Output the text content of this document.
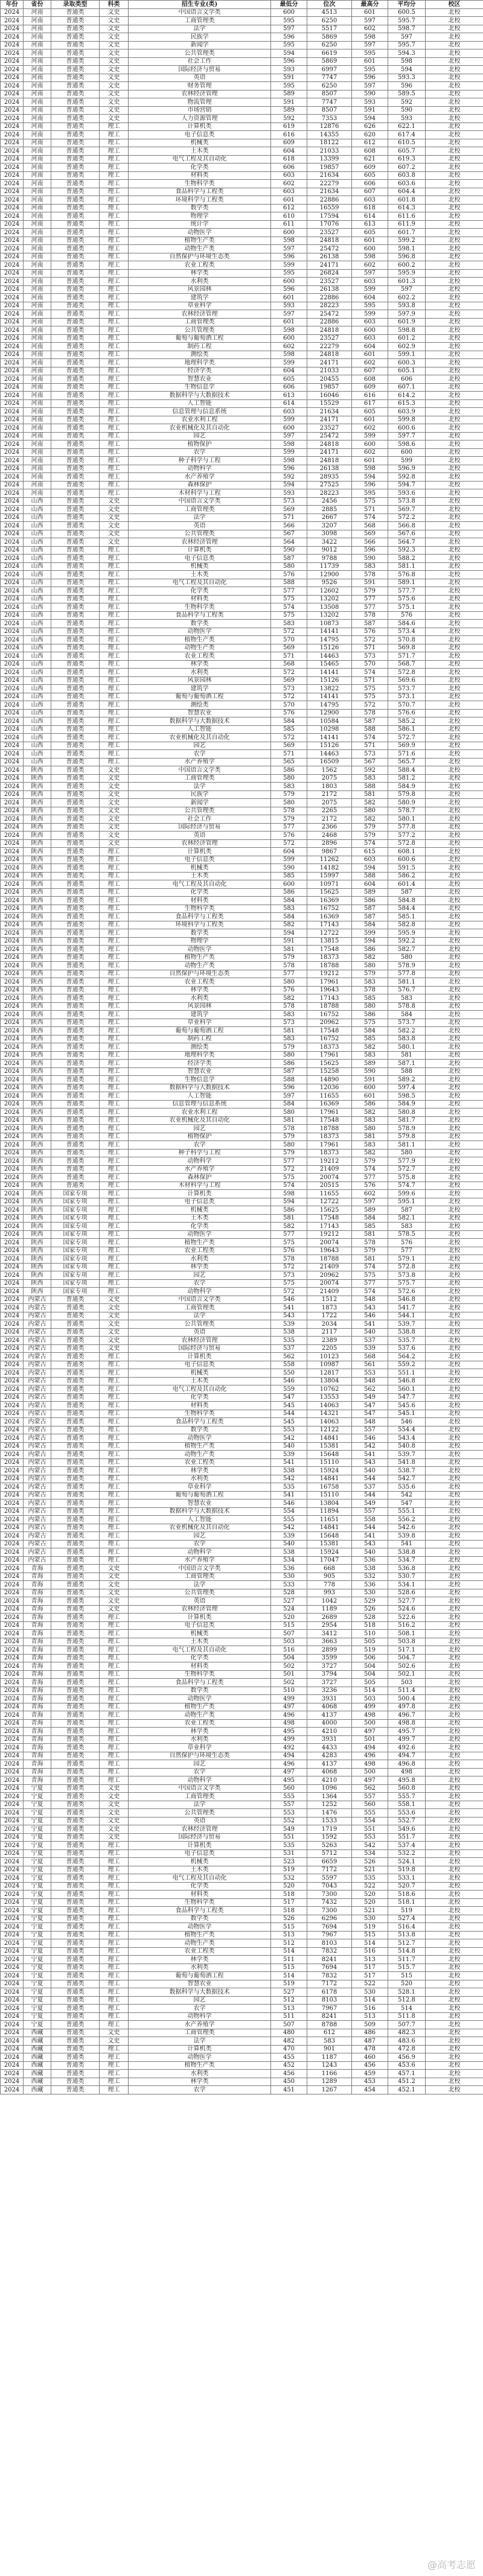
年份	省份	录取类型	科类	招生专业(类)	最低分	位次	最高分	平均分	校区
2024	河南	普通类	文史	中国语言文学类	600	4513	601	600.5	北校
2024	河南	普通类	文史	工商管理类	595	6250	597	595.7	北校
2024	河南	普通类	文史	法学	597	5517	602	598.7	北校
2024	河南	普通类	文史	民族学	596	5869	598	597	北校
2024	河南	普通类	文史	新闻学	595	6250	597	595.7	北校
2024	河南	普通类	文史	公共管理类	594	6619	595	594.3	北校
2024	河南	普通类	文史	社会工作	596	5869	601	598	北校
2024	河南	普通类	文史	国际经济与贸易	593	6997	595	594	北校
2024	河南	普通类	文史	英语	591	7747	596	593.3	北校
2024	河南	普通类	文史	财务管理	595	6250	597	596	北校
2024	河南	普通类	文史	农林经济管理	589	8507	590	589.5	北校
2024	河南	普通类	文史	物流管理	591	7747	593	592	北校
2024	河南	普通类	文史	市场营销	589	8507	591	590	北校
2024	河南	普通类	文史	人力资源管理	592	7353	594	593	北校
2024	河南	普通类	理工	计算机类	619	12876	626	622.1	北校
2024	河南	普通类	理工	电子信息类	616	14355	620	617.4	北校
2024	河南	普通类	理工	机械类	609	18122	612	610.5	北校
2024	河南	普通类	理工	土木类	604	21033	608	605.7	北校
2024	河南	普通类	理工	电气工程及其自动化	618	13399	621	619.3	北校
2024	河南	普通类	理工	化学类	606	19857	609	607.2	北校
2024	河南	普通类	理工	材料类	603	21634	605	603.8	北校
2024	河南	普通类	理工	生物科学类	602	22279	606	603.6	北校
2024	河南	普通类	理工	食品科学与工程类	603	21634	607	604.4	北校
2024	河南	普通类	理工	环境科学与工程类	601	22886	603	601.8	北校
2024	河南	普通类	理工	数学类	612	16559	618	614.3	北校
2024	河南	普通类	理工	物理学	610	17594	614	611.6	北校
2024	河南	普通类	理工	统计学	611	17076	613	611.9	北校
2024	河南	普通类	理工	动物医学	600	23527	605	601.7	北校
2024	河南	普通类	理工	植物生产类	598	24818	601	599.2	北校
2024	河南	普通类	理工	动物生产类	597	25472	600	598.1	北校
2024	河南	普通类	理工	自然保护与环境生态类	596	26138	598	596.8	北校
2024	河南	普通类	理工	农业工程类	599	24171	602	600.2	北校
2024	河南	普通类	理工	林学类	595	26824	597	595.9	北校
2024	河南	普通类	理工	水利类	600	23527	603	601.3	北校
2024	河南	普通类	理工	风景园林	596	26138	599	597	北校
2024	河南	普通类	理工	建筑学	601	22886	604	602.2	北校
2024	河南	普通类	理工	草业科学	593	28223	595	593.8	北校
2024	河南	普通类	理工	农林经济管理	597	25472	599	597.9	北校
2024	河南	普通类	理工	工商管理类	601	22886	603	601.9	北校
2024	河南	普通类	理工	公共管理类	598	24818	600	598.8	北校
2024	河南	普通类	理工	葡萄与葡萄酒工程	600	23527	603	601.2	北校
2024	河南	普通类	理工	制药工程	602	22279	604	602.9	北校
2024	河南	普通类	理工	测绘类	598	24818	601	599.1	北校
2024	河南	普通类	理工	地理科学类	599	24171	602	600.3	北校
2024	河南	普通类	理工	经济学类	604	21033	607	605.1	北校
2024	河南	普通类	理工	智慧农业	605	20455	608	606	北校
2024	河南	普通类	理工	生物信息学	606	19857	609	607.1	北校
2024	河南	普通类	理工	数据科学与大数据技术	613	16046	616	614.2	北校
2024	河南	普通类	理工	人工智能	614	15529	617	615.3	北校
2024	河南	普通类	理工	信息管理与信息系统	603	21634	605	603.9	北校
2024	河南	普通类	理工	农业水利工程	599	24171	601	599.8	北校
2024	河南	普通类	理工	农业机械化及其自动化	600	23527	602	600.6	北校
2024	河南	普通类	理工	园艺	597	25472	599	597.7	北校
2024	河南	普通类	理工	植物保护	598	24818	600	598.6	北校
2024	河南	普通类	理工	农学	599	24171	602	600	北校
2024	河南	普通类	理工	种子科学与工程	598	24818	601	599	北校
2024	河南	普通类	理工	动物科学	596	26138	598	596.9	北校
2024	河南	普通类	理工	水产养殖学	592	28935	594	592.8	北校
2024	河南	普通类	理工	森林保护	594	27525	596	594.7	北校
2024	河南	普通类	理工	木材科学与工程	593	28223	595	593.6	北校
2024	山西	普通类	文史	中国语言文学类	573	2456	575	573.8	北校
2024	山西	普通类	文史	工商管理类	569	2885	571	569.7	北校
2024	山西	普通类	文史	法学	571	2667	574	572.2	北校
2024	山西	普通类	文史	英语	566	3207	568	566.8	北校
2024	山西	普通类	文史	公共管理类	567	3098	569	567.6	北校
2024	山西	普通类	文史	农林经济管理	564	3422	566	564.7	北校
2024	山西	普通类	理工	计算机类	590	9012	596	592.3	北校
2024	山西	普通类	理工	电子信息类	587	9788	590	588.2	北校
2024	山西	普通类	理工	机械类	580	11739	583	581.1	北校
2024	山西	普通类	理工	土木类	576	12900	578	576.8	北校
2024	山西	普通类	理工	电气工程及其自动化	588	9526	591	589.1	北校
2024	山西	普通类	理工	化学类	577	12602	579	577.7	北校
2024	山西	普通类	理工	材料类	575	13202	577	575.6	北校
2024	山西	普通类	理工	生物科学类	574	13508	577	575.1	北校
2024	山西	普通类	理工	食品科学与工程类	575	13202	578	576	北校
2024	山西	普通类	理工	数学类	583	10873	587	584.6	北校
2024	山西	普通类	理工	动物医学	572	14141	576	573.4	北校
2024	山西	普通类	理工	植物生产类	570	14795	572	570.8	北校
2024	山西	普通类	理工	动物生产类	569	15126	571	569.8	北校
2024	山西	普通类	理工	农业工程类	571	14463	573	571.7	北校
2024	山西	普通类	理工	林学类	568	15465	570	568.7	北校
2024	山西	普通类	理工	水利类	572	14141	574	572.8	北校
2024	山西	普通类	理工	风景园林	569	15126	571	569.6	北校
2024	山西	普通类	理工	建筑学	573	13822	575	573.7	北校
2024	山西	普通类	理工	葡萄与葡萄酒工程	572	14141	575	573.1	北校
2024	山西	普通类	理工	测绘类	570	14795	572	570.7	北校
2024	山西	普通类	理工	智慧农业	576	12900	578	576.6	北校
2024	山西	普通类	理工	数据科学与大数据技术	584	10584	587	585.2	北校
2024	山西	普通类	理工	人工智能	585	10298	588	586.1	北校
2024	山西	普通类	理工	农业机械化及其自动化	572	14141	574	572.7	北校
2024	山西	普通类	理工	园艺	569	15126	571	569.9	北校
2024	山西	普通类	理工	农学	571	14463	573	571.6	北校
2024	山西	普通类	理工	水产养殖学	565	16509	567	565.7	北校
2024	陕西	普通类	文史	中国语言文学类	586	1562	592	588.4	北校
2024	陕西	普通类	文史	工商管理类	580	2075	583	581.2	北校
2024	陕西	普通类	文史	法学	583	1803	588	584.9	北校
2024	陕西	普通类	文史	民族学	579	2172	581	579.8	北校
2024	陕西	普通类	文史	新闻学	580	2075	582	580.9	北校
2024	陕西	普通类	文史	公共管理类	578	2265	580	578.7	北校
2024	陕西	普通类	文史	社会工作	579	2172	582	580.1	北校
2024	陕西	普通类	文史	国际经济与贸易	577	2366	579	577.8	北校
2024	陕西	普通类	文史	英语	576	2468	579	577.2	北校
2024	陕西	普通类	文史	农林经济管理	572	2896	574	572.8	北校
2024	陕西	普通类	理工	计算机类	604	9867	615	608.1	北校
2024	陕西	普通类	理工	电子信息类	599	11262	603	600.6	北校
2024	陕西	普通类	理工	机械类	590	14182	594	591.5	北校
2024	陕西	普通类	理工	土木类	585	15997	588	586.2	北校
2024	陕西	普通类	理工	电气工程及其自动化	600	10971	604	601.4	北校
2024	陕西	普通类	理工	化学类	586	15625	589	587	北校
2024	陕西	普通类	理工	材料类	584	16369	586	584.8	北校
2024	陕西	普通类	理工	生物科学类	583	16752	587	584.4	北校
2024	陕西	普通类	理工	食品科学与工程类	584	16369	587	585.1	北校
2024	陕西	普通类	理工	环境科学与工程类	582	17143	584	582.8	北校
2024	陕西	普通类	理工	数学类	594	12722	599	595.9	北校
2024	陕西	普通类	理工	物理学	591	13815	594	592.2	北校
2024	陕西	普通类	理工	动物医学	581	17548	586	582.7	北校
2024	陕西	普通类	理工	植物生产类	579	18373	582	580	北校
2024	陕西	普通类	理工	动物生产类	578	18788	580	578.9	北校
2024	陕西	普通类	理工	自然保护与环境生态类	577	19212	579	577.8	北校
2024	陕西	普通类	理工	农业工程类	580	17961	583	581.1	北校
2024	陕西	普通类	理工	林学类	576	19643	578	576.7	北校
2024	陕西	普通类	理工	水利类	582	17143	585	583	北校
2024	陕西	普通类	理工	风景园林	578	18788	580	578.8	北校
2024	陕西	普通类	理工	建筑学	583	16752	586	584	北校
2024	陕西	普通类	理工	草业科学	573	20962	575	573.7	北校
2024	陕西	普通类	理工	葡萄与葡萄酒工程	581	17548	584	582.2	北校
2024	陕西	普通类	理工	制药工程	583	16752	585	583.8	北校
2024	陕西	普通类	理工	测绘类	579	18373	582	580.1	北校
2024	陕西	普通类	理工	地理科学类	580	17961	583	581	北校
2024	陕西	普通类	理工	经济学类	586	15625	589	587.1	北校
2024	陕西	普通类	理工	智慧农业	587	15258	590	588	北校
2024	陕西	普通类	理工	生物信息学	588	14890	591	589.2	北校
2024	陕西	普通类	理工	数据科学与大数据技术	596	12036	600	597.4	北校
2024	陕西	普通类	理工	人工智能	597	11655	601	598.5	北校
2024	陕西	普通类	理工	信息管理与信息系统	584	16369	586	584.9	北校
2024	陕西	普通类	理工	农业水利工程	580	17961	582	580.8	北校
2024	陕西	普通类	理工	农业机械化及其自动化	581	17548	583	581.7	北校
2024	陕西	普通类	理工	园艺	578	18788	580	578.9	北校
2024	陕西	普通类	理工	植物保护	579	18373	581	579.8	北校
2024	陕西	普通类	理工	农学	580	17961	583	581.1	北校
2024	陕西	普通类	理工	种子科学与工程	579	18373	582	580	北校
2024	陕西	普通类	理工	动物科学	577	19212	579	577.9	北校
2024	陕西	普通类	理工	水产养殖学	572	21409	574	572.7	北校
2024	陕西	普通类	理工	森林保护	575	20074	577	575.8	北校
2024	陕西	普通类	理工	木材科学与工程	574	20515	576	574.7	北校
2024	陕西	国家专项	理工	计算机类	598	11655	602	599.6	北校
2024	陕西	国家专项	理工	电子信息类	594	12722	597	595.1	北校
2024	陕西	国家专项	理工	机械类	586	15625	589	587	北校
2024	陕西	国家专项	理工	土木类	581	17548	584	582.1	北校
2024	陕西	国家专项	理工	化学类	582	17143	585	583	北校
2024	陕西	国家专项	理工	动物医学	577	19212	581	578.5	北校
2024	陕西	国家专项	理工	植物生产类	575	20074	578	576	北校
2024	陕西	国家专项	理工	农业工程类	576	19643	579	577	北校
2024	陕西	国家专项	理工	水利类	578	18788	581	579.1	北校
2024	陕西	国家专项	理工	林学类	572	21409	574	572.8	北校
2024	陕西	国家专项	理工	园艺	573	20962	575	573.8	北校
2024	陕西	国家专项	理工	农学	575	20074	577	575.7	北校
2024	陕西	国家专项	理工	动物科学	572	21409	574	572.6	北校
2024	内蒙古	普通类	文史	中国语言文学类	546	1512	548	546.8	北校
2024	内蒙古	普通类	文史	工商管理类	541	1873	543	541.7	北校
2024	内蒙古	普通类	文史	法学	543	1722	546	544.1	北校
2024	内蒙古	普通类	文史	公共管理类	539	2034	541	539.7	北校
2024	内蒙古	普通类	文史	英语	538	2117	540	538.8	北校
2024	内蒙古	普通类	文史	农林经济管理	535	2389	537	535.7	北校
2024	内蒙古	普通类	文史	国际经济与贸易	537	2205	539	537.6	北校
2024	内蒙古	普通类	理工	计算机类	562	10123	568	564.2	北校
2024	内蒙古	普通类	理工	电子信息类	558	10987	561	559.2	北校
2024	内蒙古	普通类	理工	机械类	550	12817	553	551.1	北校
2024	内蒙古	普通类	理工	土木类	546	13804	548	546.8	北校
2024	内蒙古	普通类	理工	电气工程及其自动化	559	10762	562	560.1	北校
2024	内蒙古	普通类	理工	化学类	547	13553	549	547.7	北校
2024	内蒙古	普通类	理工	材料类	545	14063	547	545.6	北校
2024	内蒙古	普通类	理工	生物科学类	544	14321	547	545.1	北校
2024	内蒙古	普通类	理工	食品科学与工程类	545	14063	548	546	北校
2024	内蒙古	普通类	理工	数学类	553	12122	557	554.4	北校
2024	内蒙古	普通类	理工	动物医学	542	14841	546	543.4	北校
2024	内蒙古	普通类	理工	植物生产类	540	15381	542	540.8	北校
2024	内蒙古	普通类	理工	动物生产类	539	15648	541	539.7	北校
2024	内蒙古	普通类	理工	农业工程类	541	15110	543	541.8	北校
2024	内蒙古	普通类	理工	林学类	538	15924	540	538.7	北校
2024	内蒙古	普通类	理工	水利类	542	14841	544	542.7	北校
2024	内蒙古	普通类	理工	草业科学	535	16758	537	535.6	北校
2024	内蒙古	普通类	理工	葡萄与葡萄酒工程	541	15110	544	542	北校
2024	内蒙古	普通类	理工	智慧农业	546	13804	549	547	北校
2024	内蒙古	普通类	理工	数据科学与大数据技术	554	11894	557	555.1	北校
2024	内蒙古	普通类	理工	人工智能	555	11651	558	556.2	北校
2024	内蒙古	普通类	理工	农业机械化及其自动化	542	14841	544	542.6	北校
2024	内蒙古	普通类	理工	园艺	539	15648	541	539.8	北校
2024	内蒙古	普通类	理工	农学	540	15381	543	541	北校
2024	内蒙古	普通类	理工	动物科学	538	15924	540	538.8	北校
2024	内蒙古	普通类	理工	水产养殖学	534	17047	536	534.7	北校
2024	青海	普通类	文史	中国语言文学类	536	668	538	536.8	北校
2024	青海	普通类	文史	工商管理类	530	905	532	530.7	北校
2024	青海	普通类	文史	法学	533	778	536	534.1	北校
2024	青海	普通类	文史	公共管理类	528	993	530	528.6	北校
2024	青海	普通类	文史	英语	527	1042	529	527.7	北校
2024	青海	普通类	文史	农林经济管理	524	1189	526	524.6	北校
2024	青海	普通类	理工	计算机类	520	2689	528	522.6	北校
2024	青海	普通类	理工	电子信息类	515	2954	518	516.2	北校
2024	青海	普通类	理工	机械类	507	3412	510	508.1	北校
2024	青海	普通类	理工	土木类	503	3663	505	503.8	北校
2024	青海	普通类	理工	电气工程及其自动化	516	2899	519	517.1	北校
2024	青海	普通类	理工	化学类	504	3599	506	504.7	北校
2024	青海	普通类	理工	材料类	502	3727	504	502.6	北校
2024	青海	普通类	理工	生物科学类	501	3794	504	502.1	北校
2024	青海	普通类	理工	食品科学与工程类	502	3727	505	503	北校
2024	青海	普通类	理工	数学类	510	3236	514	511.4	北校
2024	青海	普通类	理工	动物医学	499	3931	503	500.4	北校
2024	青海	普通类	理工	植物生产类	497	4068	499	497.8	北校
2024	青海	普通类	理工	动物生产类	496	4137	498	496.7	北校
2024	青海	普通类	理工	农业工程类	498	4000	500	498.8	北校
2024	青海	普通类	理工	林学类	495	4210	497	495.7	北校
2024	青海	普通类	理工	水利类	499	3931	501	499.7	北校
2024	青海	普通类	理工	草业科学	492	4433	494	492.6	北校
2024	青海	普通类	理工	自然保护与环境生态类	494	4283	496	494.7	北校
2024	青海	普通类	理工	园艺	496	4137	498	496.8	北校
2024	青海	普通类	理工	农学	497	4068	500	498	北校
2024	青海	普通类	理工	动物科学	495	4210	497	495.8	北校
2024	宁夏	普通类	文史	中国语言文学类	560	1096	562	560.8	北校
2024	宁夏	普通类	文史	工商管理类	555	1364	557	555.7	北校
2024	宁夏	普通类	文史	法学	557	1252	560	558.1	北校
2024	宁夏	普通类	文史	公共管理类	553	1476	555	553.6	北校
2024	宁夏	普通类	文史	英语	552	1533	554	552.7	北校
2024	宁夏	普通类	文史	农林经济管理	549	1719	551	549.6	北校
2024	宁夏	普通类	文史	国际经济与贸易	551	1592	553	551.7	北校
2024	宁夏	普通类	理工	计算机类	535	5263	542	537.4	北校
2024	宁夏	普通类	理工	电子信息类	531	5712	534	532.2	北校
2024	宁夏	普通类	理工	机械类	523	6659	526	524.1	北校
2024	宁夏	普通类	理工	土木类	519	7172	521	519.8	北校
2024	宁夏	普通类	理工	电气工程及其自动化	532	5597	535	533.1	北校
2024	宁夏	普通类	理工	化学类	520	7043	522	520.7	北校
2024	宁夏	普通类	理工	材料类	518	7300	520	518.6	北校
2024	宁夏	普通类	理工	生物科学类	517	7432	520	518.1	北校
2024	宁夏	普通类	理工	食品科学与工程类	518	7300	521	519	北校
2024	宁夏	普通类	理工	数学类	526	6296	530	527.4	北校
2024	宁夏	普通类	理工	动物医学	515	7694	519	516.4	北校
2024	宁夏	普通类	理工	植物生产类	513	7967	515	513.8	北校
2024	宁夏	普通类	理工	动物生产类	512	8103	514	512.7	北校
2024	宁夏	普通类	理工	农业工程类	514	7832	516	514.8	北校
2024	宁夏	普通类	理工	林学类	511	8241	513	511.7	北校
2024	宁夏	普通类	理工	水利类	515	7694	517	515.7	北校
2024	宁夏	普通类	理工	葡萄与葡萄酒工程	514	7832	517	515	北校
2024	宁夏	普通类	理工	智慧农业	519	7172	522	520	北校
2024	宁夏	普通类	理工	数据科学与大数据技术	527	6178	530	528.1	北校
2024	宁夏	普通类	理工	园艺	512	8103	514	512.8	北校
2024	宁夏	普通类	理工	农学	513	7967	516	514	北校
2024	宁夏	普通类	理工	动物科学	511	8241	513	511.8	北校
2024	宁夏	普通类	理工	水产养殖学	507	8788	509	507.7	北校
2024	西藏	普通类	文史	工商管理类	480	612	486	482.3	北校
2024	西藏	普通类	文史	法学	482	583	487	483.6	北校
2024	西藏	普通类	理工	计算机类	470	901	478	472.8	北校
2024	西藏	普通类	理工	动物医学	455	1187	460	456.9	北校
2024	西藏	普通类	理工	植物生产类	452	1243	456	453.6	北校
2024	西藏	普通类	理工	水利类	456	1166	459	457.1	北校
2024	西藏	普通类	理工	林学类	450	1289	453	451.2	北校
2024	西藏	普通类	理工	农学	451	1267	454	452.1	北校
@高考志愿
